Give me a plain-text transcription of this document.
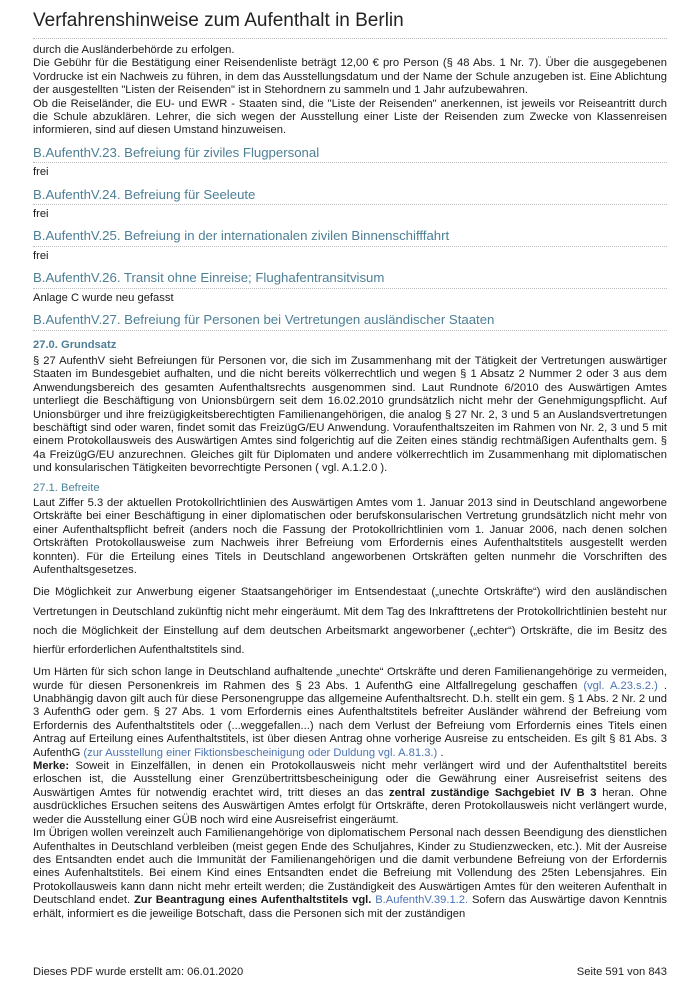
Verfahrenshinweise zum Aufenthalt in Berlin

durch die Ausländerbehörde zu erfolgen.

Die Gebühr für die Bestätigung einer Reisendenliste beträgt 12,00 € pro Person (§ 48 Abs. 1 Nr. 7). Über die ausgegebenen Vordrucke ist ein Nachweis zu führen, in dem das Ausstellungsdatum und der Name der Schule anzugeben ist. Eine Ablichtung der ausgestellten "Listen der Reisenden" ist in Stehordnern zu sammeln und 1 Jahr aufzubewahren.

Ob die Reiseländer, die EU- und EWR - Staaten sind, die "Liste der Reisenden" anerkennen, ist jeweils vor Reiseantritt durch die Schule abzuklären. Lehrer, die sich wegen der Ausstellung einer Liste der Reisenden zum Zwecke von Klassenreisen informieren, sind auf diesen Umstand hinzuweisen.

B.AufenthV.23. Befreiung für ziviles Flugpersonal

frei

B.AufenthV.24. Befreiung für Seeleute

frei

B.AufenthV.25. Befreiung in der internationalen zivilen Binnenschifffahrt

frei

B.AufenthV.26. Transit ohne Einreise; Flughafentransitvisum

Anlage C wurde neu gefasst

B.AufenthV.27. Befreiung für Personen bei Vertretungen ausländischer Staaten
27.0. Grundsatz

§ 27 AufenthV sieht Befreiungen für Personen vor, die sich im Zusammenhang mit der Tätigkeit der Vertretungen auswärtiger Staaten im Bundesgebiet aufhalten, und die nicht bereits völkerrechtlich und wegen § 1 Absatz 2 Nummer 2 oder 3 aus dem Anwendungsbereich des gesamten Aufenthaltsrechts ausgenommen sind. Laut Rundnote 6/2010 des Auswärtigen Amtes unterliegt die Beschäftigung von Unionsbürgern seit dem 16.02.2010 grundsätzlich nicht mehr der Genehmigungspflicht. Auf Unionsbürger und ihre freizügigkeitsberechtigten Familienangehörigen, die analog § 27 Nr. 2, 3 und 5 an Auslandsvertretungen beschäftigt sind oder waren, findet somit das FreizügG/EU Anwendung. Voraufenthaltszeiten im Rahmen von Nr. 2, 3 und 5 mit einem Protokollausweis des Auswärtigen Amtes sind folgerichtig auf die Zeiten eines ständig rechtmäßigen Aufenthalts gem. § 4a FreizügG/EU anzurechnen. Gleiches gilt für Diplomaten und andere völkerrechtlich im Zusammenhang mit diplomatischen und konsularischen Tätigkeiten bevorrechtigte Personen ( vgl. A.1.2.0 ).

27.1. Befreite

Laut Ziffer 5.3 der aktuellen Protokollrichtlinien des Auswärtigen Amtes vom 1. Januar 2013 sind in Deutschland angeworbene Ortskräfte bei einer Beschäftigung in einer diplomatischen oder berufskonsularischen Vertretung grundsätzlich nicht mehr von einer Aufenthaltspflicht befreit (anders noch die Fassung der Protokollrichtlinien vom 1. Januar 2006, nach denen solchen Ortskräften Protokollausweise zum Nachweis ihrer Befreiung vom Erfordernis eines Aufenthaltstitels ausgestellt werden konnten). Für die Erteilung eines Titels in Deutschland angeworbenen Ortskräften gelten nunmehr die Vorschriften des Aufenthaltsgesetzes.

Die Möglichkeit zur Anwerbung eigener Staatsangehöriger im Entsendestaat („unechte Ortskräfte“) wird den ausländischen Vertretungen in Deutschland zukünftig nicht mehr eingeräumt. Mit dem Tag des Inkrafttretens der Protokollrichtlinien besteht nur noch die Möglichkeit der Einstellung auf dem deutschen Arbeitsmarkt angeworbener („echter“) Ortskräfte, die im Besitz des hierfür erforderlichen Aufenthaltstitels sind.

Um Härten für sich schon lange in Deutschland aufhaltende „unechte“ Ortskräfte und deren Familienangehörige zu vermeiden, wurde für diesen Personenkreis im Rahmen des § 23 Abs. 1 AufenthG eine Altfallregelung geschaffen (vgl. A.23.s.2.) . Unabhängig davon gilt auch für diese Personengruppe das allgemeine Aufenthaltsrecht. D.h. stellt ein gem. § 1 Abs. 2 Nr. 2 und 3 AufenthG oder gem. § 27 Abs. 1 vom Erfordernis eines Aufenthaltstitels befreiter Ausländer während der Befreiung vom Erfordernis des Aufenthaltstitels oder (...weggefallen...) nach dem Verlust der Befreiung vom Erfordernis eines Titels einen Antrag auf Erteilung eines Aufenthaltstitels, ist über diesen Antrag ohne vorherige Ausreise zu entscheiden. Es gilt § 81 Abs. 3 AufenthG (zur Ausstellung einer Fiktionsbescheinigung oder Duldung vgl. A.81.3.) .

Merke: Soweit in Einzelfällen, in denen ein Protokollausweis nicht mehr verlängert wird und der Aufenthaltstitel bereits erloschen ist, die Ausstellung einer Grenzübertrittsbescheinigung oder die Gewährung einer Ausreisefrist seitens des Auswärtigen Amtes für notwendig erachtet wird, tritt dieses an das zentral zuständige Sachgebiet IV B 3 heran. Ohne ausdrückliches Ersuchen seitens des Auswärtigen Amtes erfolgt für Ortskräfte, deren Protokollausweis nicht verlängert wurde, weder die Ausstellung einer GÜB noch wird eine Ausreisefrist eingeräumt.

Im Übrigen wollen vereinzelt auch Familienangehörige von diplomatischem Personal nach dessen Beendigung des dienstlichen Aufenthaltes in Deutschland verbleiben (meist gegen Ende des Schuljahres, Kinder zu Studienzwecken, etc.). Mit der Ausreise des Entsandten endet auch die Immunität der Familienangehörigen und die damit verbundene Befreiung von der Erfordernis eines Aufenhaltstitels. Bei einem Kind eines Entsandten endet die Befreiung mit Vollendung des 25ten Lebensjahres. Ein Protokollausweis kann dann nicht mehr erteilt werden; die Zuständigkeit des Auswärtigen Amtes für den weiteren Aufenthalt in Deutschland endet. Zur Beantragung eines Aufenthaltstitels vgl. B.AufenthV.39.1.2. Sofern das Auswärtige davon Kenntnis erhält, informiert es die jeweilige Botschaft, dass die Personen sich mit der zuständigen

Dieses PDF wurde erstellt am: 06.01.2020	Seite 591 von 843
